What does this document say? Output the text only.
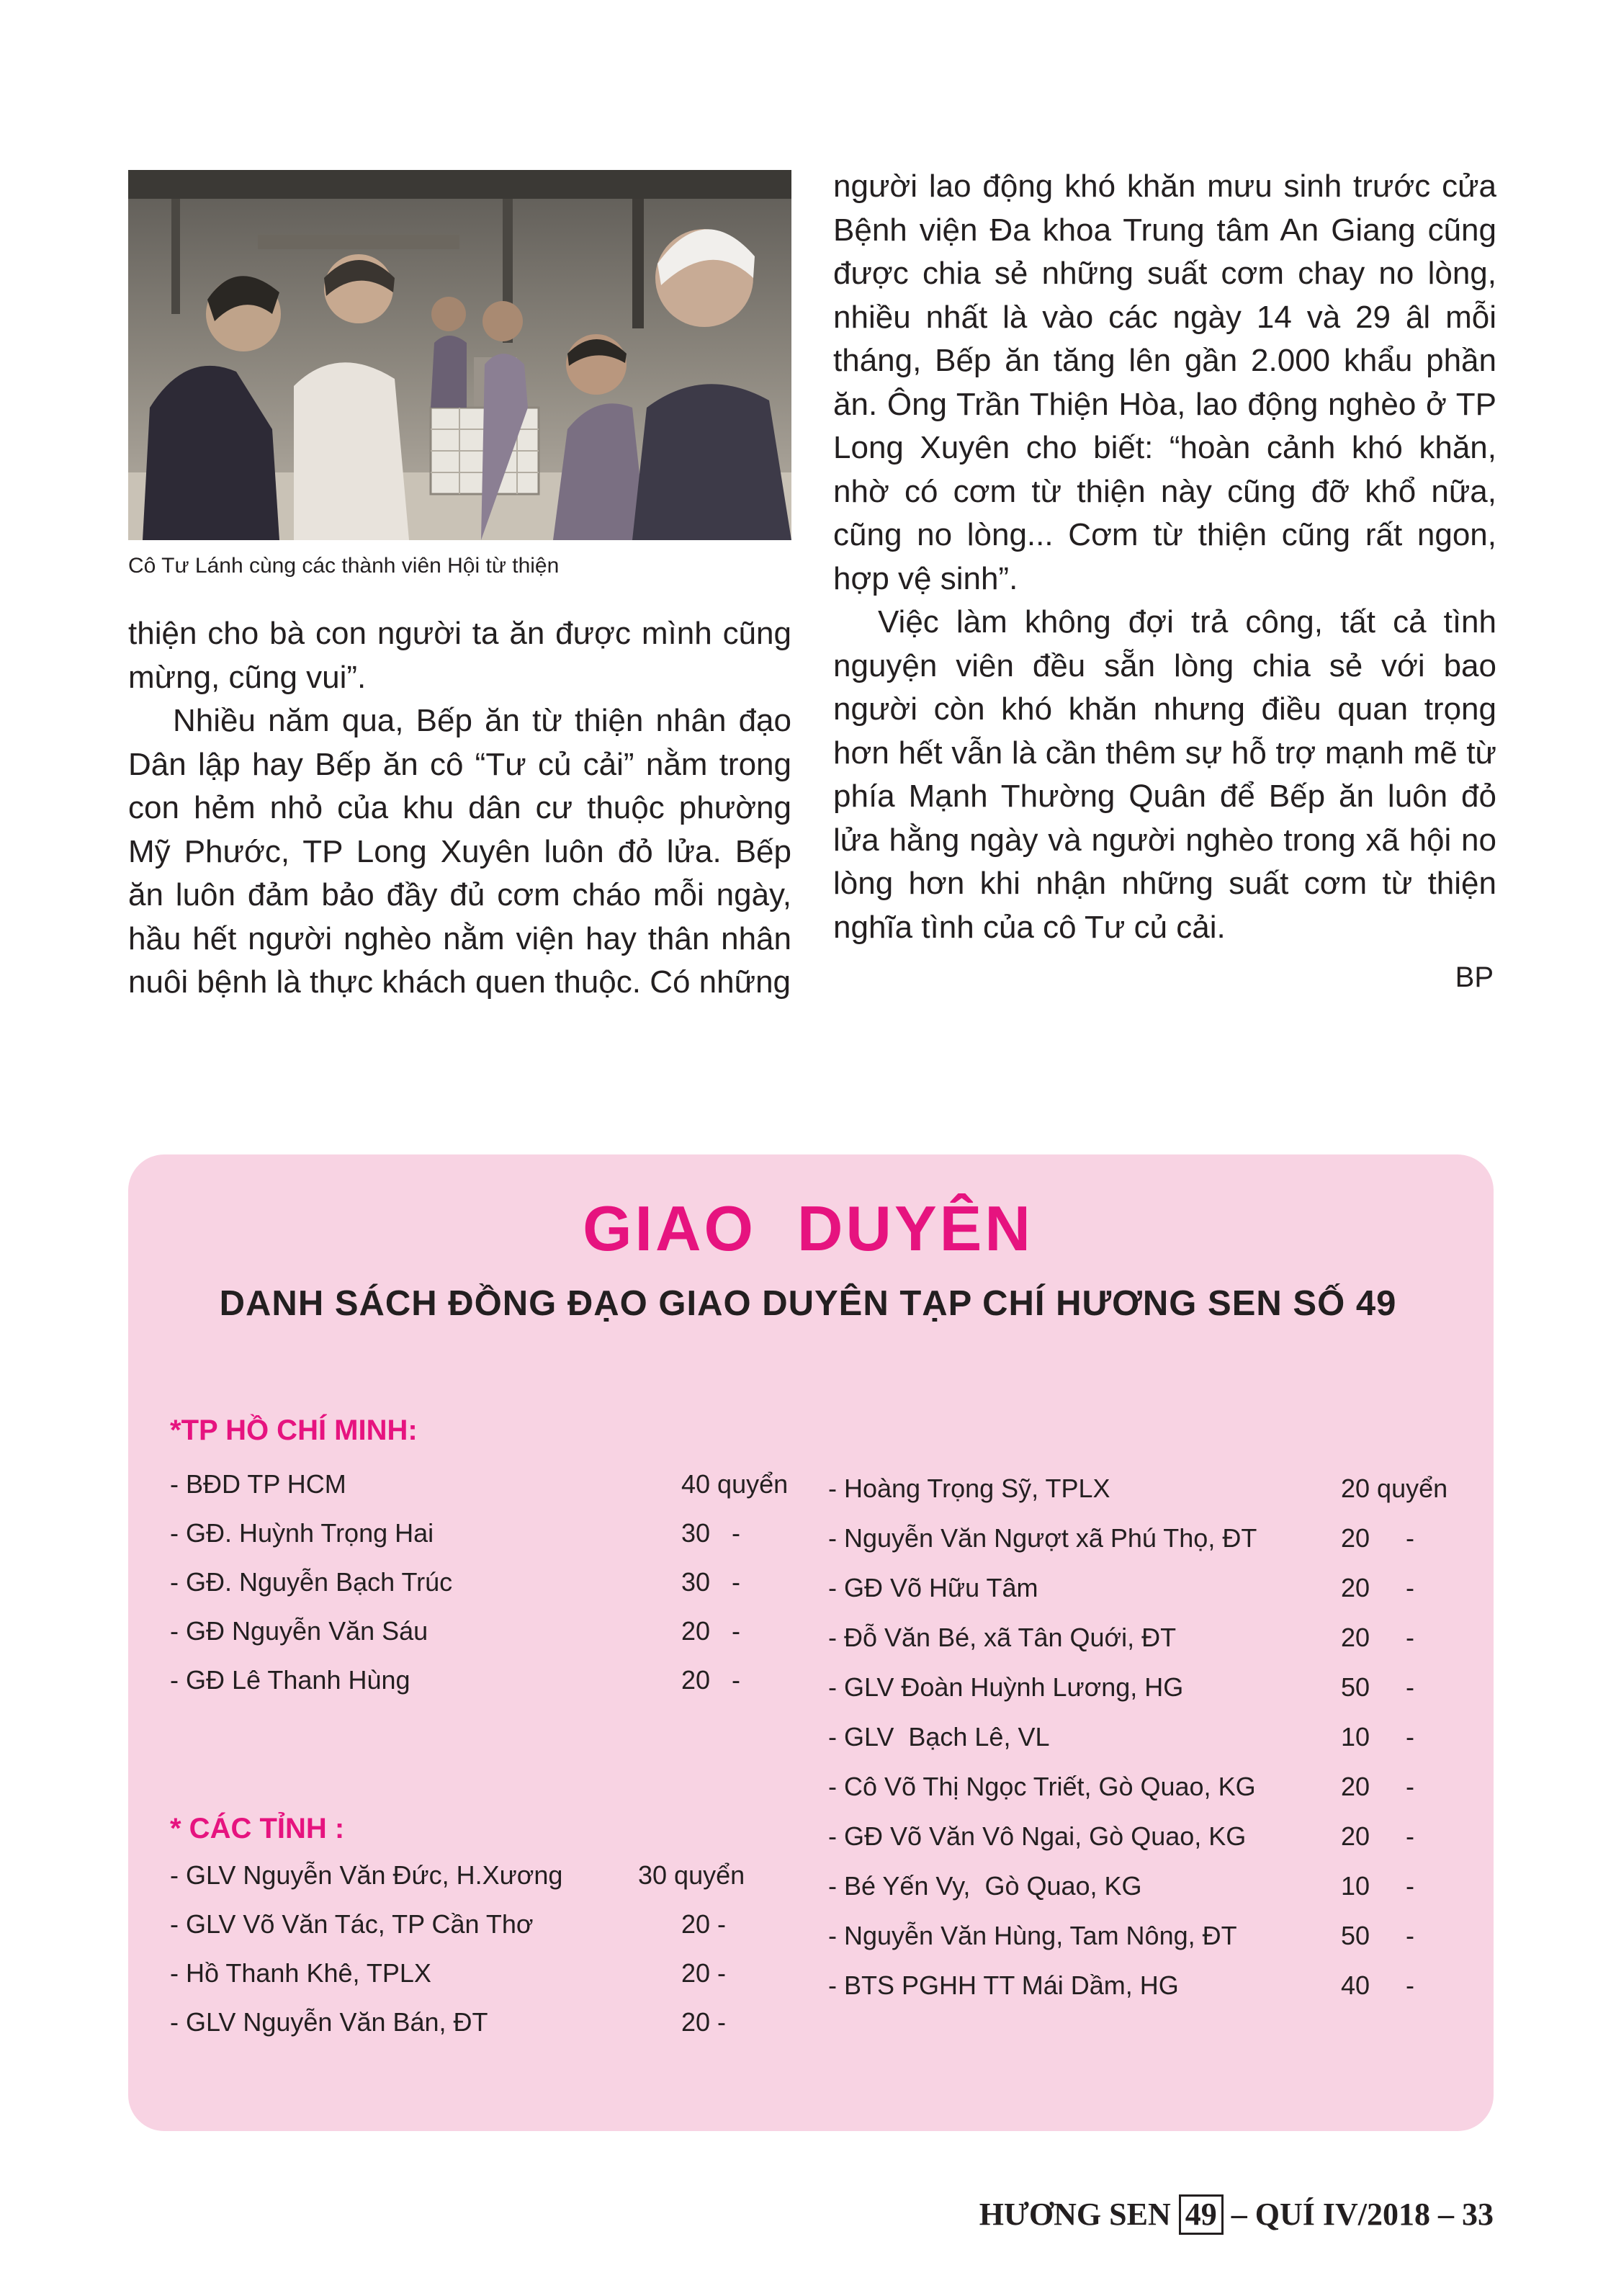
Cô Tư Lánh cùng các thành viên Hội từ thiện

thiện cho bà con người ta ăn được mình cũng mừng, cũng vui”.

Nhiều năm qua, Bếp ăn từ thiện nhân đạo Dân lập hay Bếp ăn cô “Tư củ cải” nằm trong con hẻm nhỏ của khu dân cư thuộc phường Mỹ Phước, TP Long Xuyên luôn đỏ lửa. Bếp ăn luôn đảm bảo đầy đủ cơm cháo mỗi ngày, hầu hết người nghèo nằm viện hay thân nhân nuôi bệnh là thực khách quen thuộc. Có những

người lao động khó khăn mưu sinh trước cửa Bệnh viện Đa khoa Trung tâm An Giang cũng được chia sẻ những suất cơm chay no lòng, nhiều nhất là vào các ngày 14 và 29 âl mỗi tháng, Bếp ăn tăng lên gần 2.000 khẩu phần ăn. Ông Trần Thiện Hòa, lao động nghèo ở TP Long Xuyên cho biết: “hoàn cảnh khó khăn, nhờ có cơm từ thiện này cũng đỡ khổ nữa, cũng no lòng... Cơm từ thiện cũng rất ngon, hợp vệ sinh”.

Việc làm không đợi trả công, tất cả tình nguyện viên đều sẵn lòng chia sẻ với bao người còn khó khăn nhưng điều quan trọng hơn hết vẫn là cần thêm sự hỗ trợ mạnh mẽ từ phía Mạnh Thường Quân để Bếp ăn luôn đỏ lửa hằng ngày và người nghèo trong xã hội no lòng hơn khi nhận những suất cơm từ thiện nghĩa tình của cô Tư củ cải.

BP
GIAO  DUYÊN
DANH SÁCH ĐỒNG ĐẠO GIAO DUYÊN TẠP CHÍ HƯƠNG SEN SỐ 49
*TP HỒ CHÍ MINH:
- BĐD TP HCM	40 quyển
- GĐ. Huỳnh Trọng Hai	30   -
- GĐ. Nguyễn Bạch Trúc	30   -
- GĐ Nguyễn Văn Sáu	20   -
- GĐ Lê Thanh Hùng	20   -
* CÁC TỈNH :
- GLV Nguyễn Văn Đức, H.Xương	30 quyển
- GLV Võ Văn Tác, TP Cần Thơ	20 -
- Hồ Thanh Khê, TPLX	20 -
- GLV Nguyễn Văn Bán, ĐT	20 -
- Hoàng Trọng Sỹ, TPLX	20 quyển
- Nguyễn Văn Ngượt xã Phú Thọ, ĐT	20     -
- GĐ Võ Hữu Tâm	20     -
- Đỗ Văn Bé, xã Tân Quới, ĐT	20     -
- GLV Đoàn Huỳnh Lương, HG	50     -
- GLV  Bạch Lê, VL	10     -
- Cô Võ Thị Ngọc Triết, Gò Quao, KG	20     -
- GĐ Võ Văn Vô Ngai, Gò Quao, KG	20     -
- Bé Yến Vy,  Gò Quao, KG	10     -
- Nguyễn Văn Hùng, Tam Nông, ĐT	50     -
- BTS PGHH TT Mái Dầm, HG	40     -
HƯƠNG SEN 49 – QUÍ IV/2018 – 33
